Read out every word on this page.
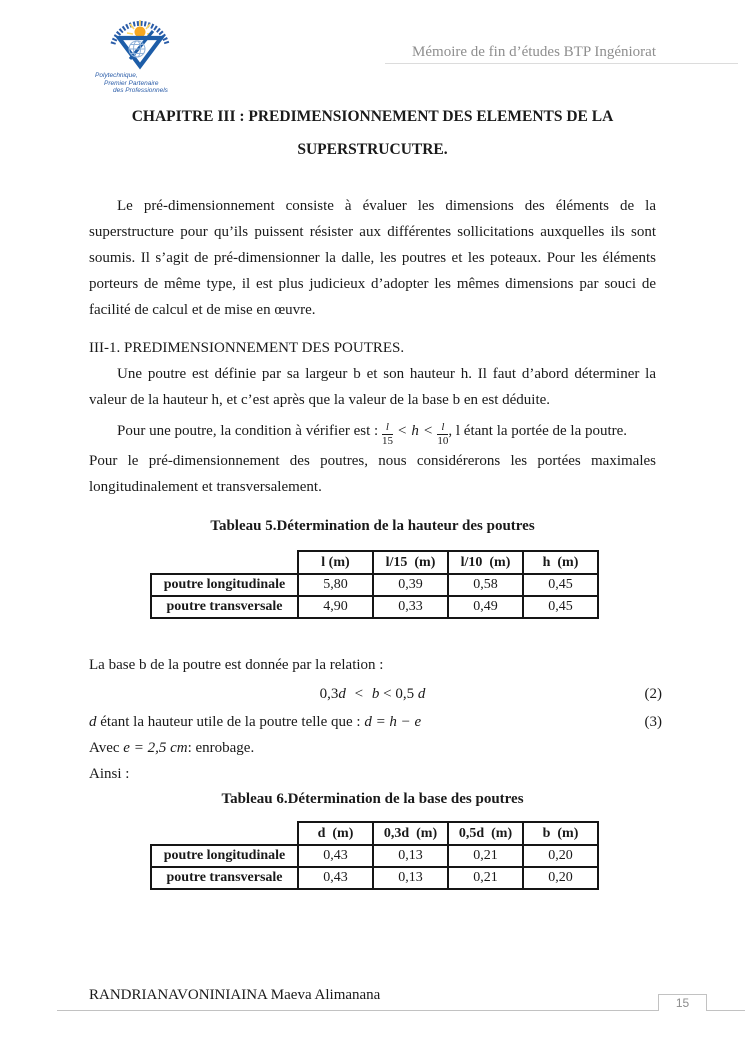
Polytechnique,
Premier Partenaire
des Professionnels
Mémoire de fin d’études BTP Ingéniorat
CHAPITRE III : PREDIMENSIONNEMENT DES ELEMENTS DE LA
SUPERSTRUCUTRE.

Le pré-dimensionnement consiste à évaluer les dimensions des éléments de la superstructure pour qu’ils puissent résister aux différentes sollicitations auxquelles ils sont soumis. Il s’agit de pré-dimensionner la dalle, les poutres et les poteaux. Pour les éléments porteurs de même type, il est plus judicieux d’adopter les mêmes dimensions par souci de facilité de calcul et de mise en œuvre.

III-1. PREDIMENSIONNEMENT DES POUTRES.

Une poutre est définie par sa largeur b et son hauteur h. Il faut d’abord déterminer la valeur de la hauteur h, et c’est après que la valeur de la base b en est déduite.

Pour une poutre, la condition à vérifier est : $\frac{l}{15} < h < \frac{l}{10}$ , l étant la portée de la poutre.

Pour le pré-dimensionnement des poutres, nous considérerons les portées maximales longitudinalement et transversalement.

Tableau 5.Détermination de la hauteur des poutres

	l (m)	l/15  (m)	l/10  (m)	h  (m)
poutre longitudinale	5,80	0,39	0,58	0,45
poutre transversale	4,90	0,33	0,49	0,45

La base b de la poutre est donnée par la relation :

0,3d < b < 0,5 d	(2)
d étant la hauteur utile de la poutre telle que : d = h − e	(3)

Avec e = 2,5 cm: enrobage.

Ainsi :

Tableau 6.Détermination de la base des poutres

	d  (m)	0,3d  (m)	0,5d  (m)	b  (m)
poutre longitudinale	0,43	0,13	0,21	0,20
poutre transversale	0,43	0,13	0,21	0,20
RANDRIANAVONINIAINA Maeva Alimanana	15
